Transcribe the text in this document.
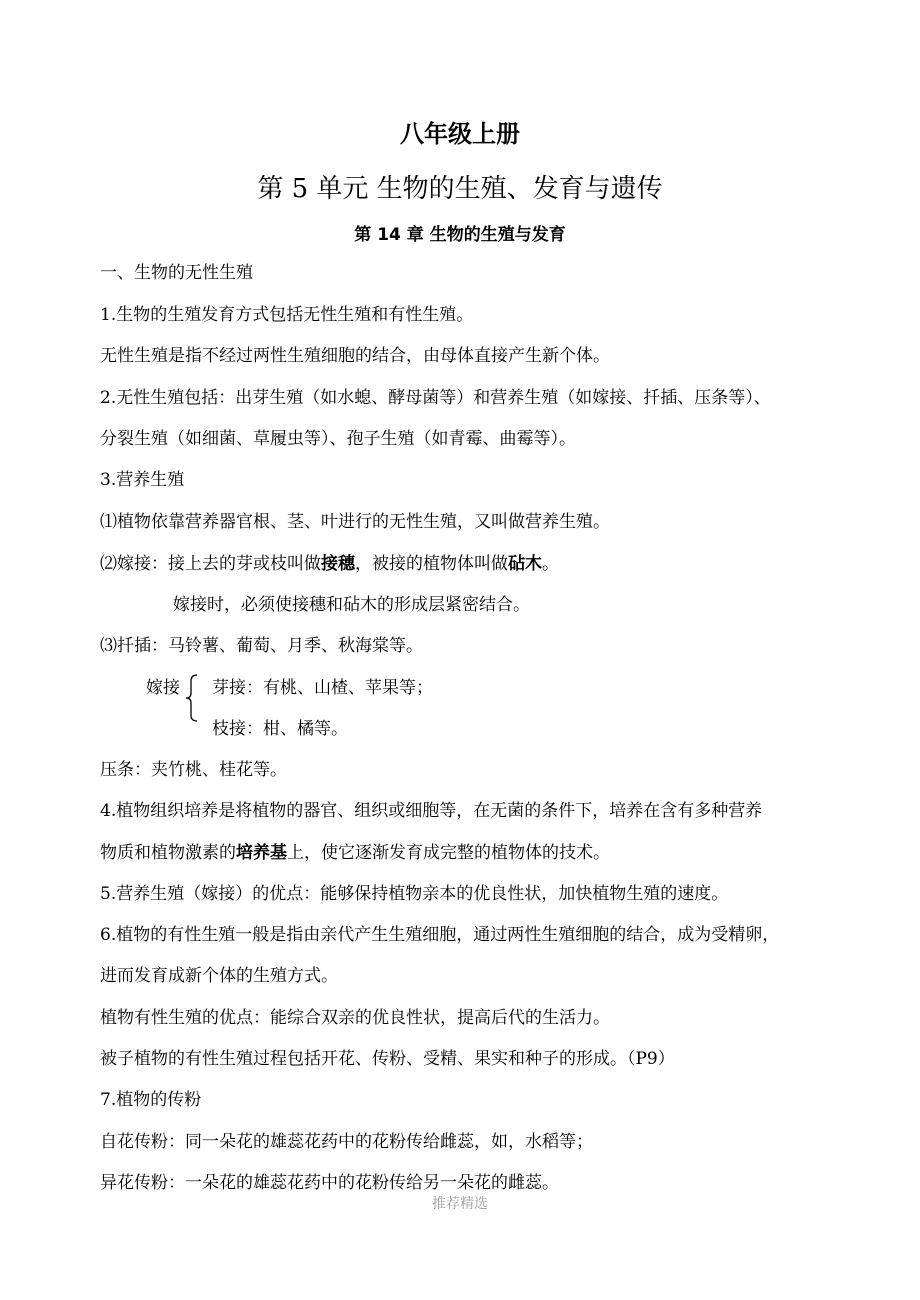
八年级上册
第 5 单元 生物的生殖、发育与遗传
第 14 章 生物的生殖与发育
一、生物的无性生殖
1.生物的生殖发育方式包括无性生殖和有性生殖。
无性生殖是指不经过两性生殖细胞的结合，由母体直接产生新个体。
2.无性生殖包括：出芽生殖（如水螅、酵母菌等）和营养生殖（如嫁接、扦插、压条等）、
分裂生殖（如细菌、草履虫等）、孢子生殖（如青霉、曲霉等）。
3.营养生殖
⑴植物依靠营养器官根、茎、叶进行的无性生殖，又叫做营养生殖。
⑵嫁接：接上去的芽或枝叫做接穗，被接的植物体叫做砧木。
嫁接时，必须使接穗和砧木的形成层紧密结合。
⑶扦插：马铃薯、葡萄、月季、秋海棠等。
嫁接 芽接：有桃、山楂、苹果等；
枝接：柑、橘等。
压条：夹竹桃、桂花等。
4.植物组织培养是将植物的器官、组织或细胞等，在无菌的条件下，培养在含有多种营养
物质和植物激素的培养基上，使它逐渐发育成完整的植物体的技术。
5.营养生殖（嫁接）的优点：能够保持植物亲本的优良性状，加快植物生殖的速度。
6.植物的有性生殖一般是指由亲代产生生殖细胞，通过两性生殖细胞的结合，成为受精卵，
进而发育成新个体的生殖方式。
植物有性生殖的优点：能综合双亲的优良性状，提高后代的生活力。
被子植物的有性生殖过程包括开花、传粉、受精、果实和种子的形成。（P9）
7.植物的传粉
自花传粉：同一朵花的雄蕊花药中的花粉传给雌蕊，如，水稻等；
异花传粉：一朵花的雄蕊花药中的花粉传给另一朵花的雌蕊。
推荐精选
